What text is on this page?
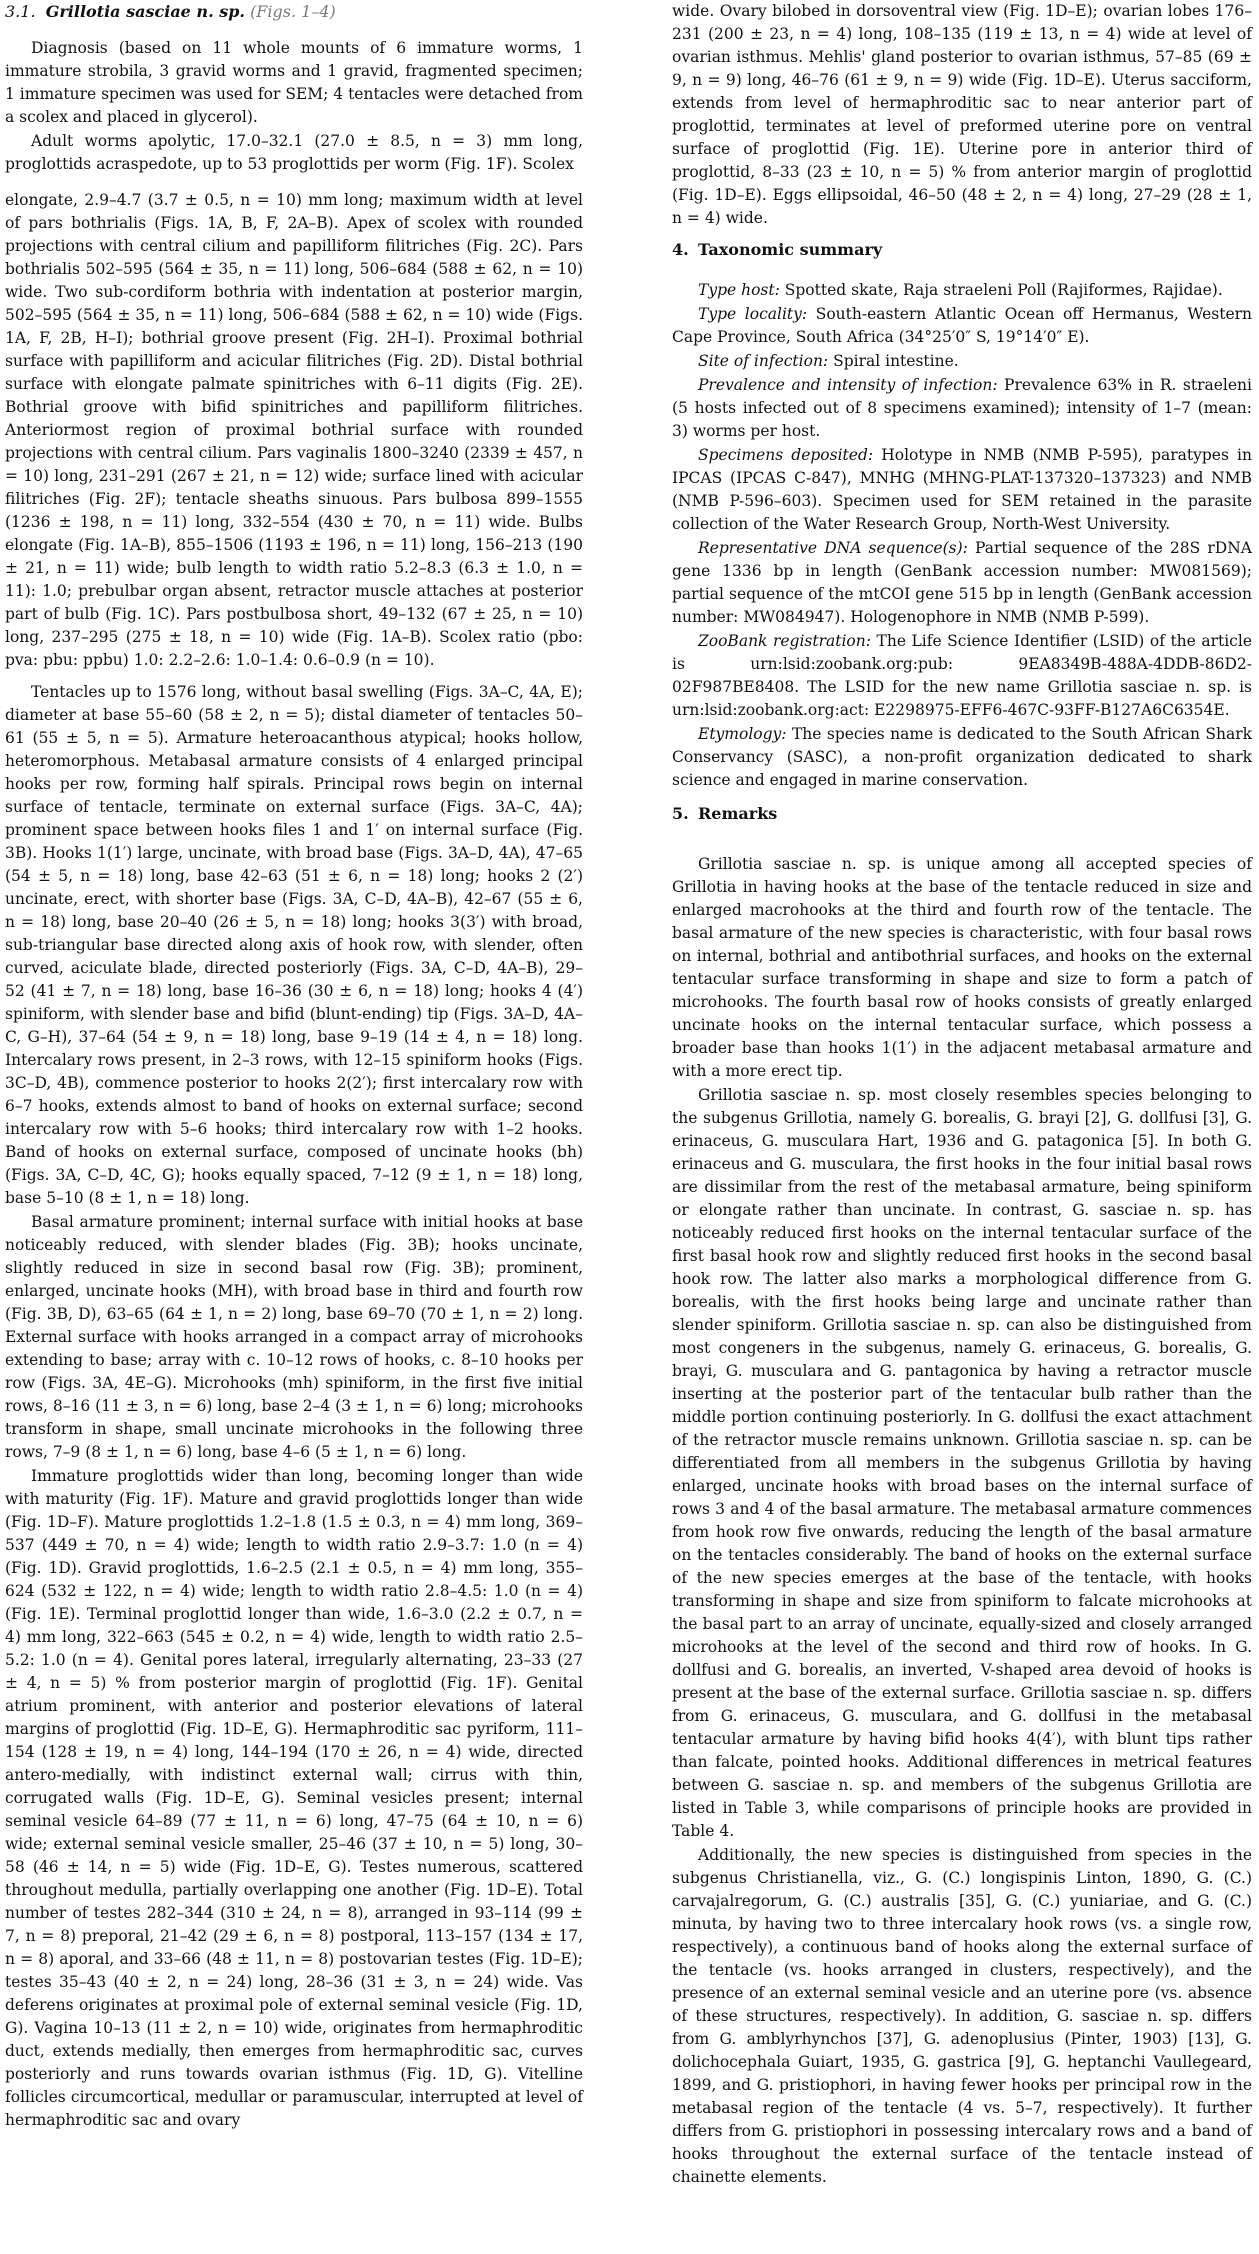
3.1. Grillotia sasciae n. sp. (Figs. 1–4)

Diagnosis (based on 11 whole mounts of 6 immature worms, 1 immature strobila, 3 gravid worms and 1 gravid, fragmented specimen; 1 immature specimen was used for SEM; 4 tentacles were detached from a scolex and placed in glycerol).

Adult worms apolytic, 17.0–32.1 (27.0 ± 8.5, n = 3) mm long, proglottids acraspedote, up to 53 proglottids per worm (Fig. 1F). Scolex

elongate, 2.9–4.7 (3.7 ± 0.5, n = 10) mm long; maximum width at level of pars bothrialis (Figs. 1A, B, F, 2A–B). Apex of scolex with rounded projections with central cilium and papilliform filitriches (Fig. 2C). Pars bothrialis 502–595 (564 ± 35, n = 11) long, 506–684 (588 ± 62, n = 10) wide. Two sub-cordiform bothria with indentation at posterior margin, 502–595 (564 ± 35, n = 11) long, 506–684 (588 ± 62, n = 10) wide (Figs. 1A, F, 2B, H–I); bothrial groove present (Fig. 2H–I). Proximal bothrial surface with papilliform and acicular filitriches (Fig. 2D). Distal bothrial surface with elongate palmate spinitriches with 6–11 digits (Fig. 2E). Bothrial groove with bifid spinitriches and papilliform filitriches. Anteriormost region of proximal bothrial surface with rounded projections with central cilium. Pars vaginalis 1800–3240 (2339 ± 457, n = 10) long, 231–291 (267 ± 21, n = 12) wide; surface lined with acicular filitriches (Fig. 2F); tentacle sheaths sinuous. Pars bulbosa 899–1555 (1236 ± 198, n = 11) long, 332–554 (430 ± 70, n = 11) wide. Bulbs elongate (Fig. 1A–B), 855–1506 (1193 ± 196, n = 11) long, 156–213 (190 ± 21, n = 11) wide; bulb length to width ratio 5.2–8.3 (6.3 ± 1.0, n = 11): 1.0; prebulbar organ absent, retractor muscle attaches at posterior part of bulb (Fig. 1C). Pars postbulbosa short, 49–132 (67 ± 25, n = 10) long, 237–295 (275 ± 18, n = 10) wide (Fig. 1A–B). Scolex ratio (pbo: pva: pbu: ppbu) 1.0: 2.2–2.6: 1.0–1.4: 0.6–0.9 (n = 10).

Tentacles up to 1576 long, without basal swelling (Figs. 3A–C, 4A, E); diameter at base 55–60 (58 ± 2, n = 5); distal diameter of tentacles 50–61 (55 ± 5, n = 5). Armature heteroacanthous atypical; hooks hollow, heteromorphous. Metabasal armature consists of 4 enlarged principal hooks per row, forming half spirals. Principal rows begin on internal surface of tentacle, terminate on external surface (Figs. 3A–C, 4A); prominent space between hooks files 1 and 1′ on internal surface (Fig. 3B). Hooks 1(1′) large, uncinate, with broad base (Figs. 3A–D, 4A), 47–65 (54 ± 5, n = 18) long, base 42–63 (51 ± 6, n = 18) long; hooks 2 (2′) uncinate, erect, with shorter base (Figs. 3A, C–D, 4A–B), 42–67 (55 ± 6, n = 18) long, base 20–40 (26 ± 5, n = 18) long; hooks 3(3′) with broad, sub-triangular base directed along axis of hook row, with slender, often curved, aciculate blade, directed posteriorly (Figs. 3A, C–D, 4A–B), 29–52 (41 ± 7, n = 18) long, base 16–36 (30 ± 6, n = 18) long; hooks 4 (4′) spiniform, with slender base and bifid (blunt-ending) tip (Figs. 3A–D, 4A–C, G–H), 37–64 (54 ± 9, n = 18) long, base 9–19 (14 ± 4, n = 18) long. Intercalary rows present, in 2–3 rows, with 12–15 spiniform hooks (Figs. 3C–D, 4B), commence posterior to hooks 2(2′); first intercalary row with 6–7 hooks, extends almost to band of hooks on external surface; second intercalary row with 5–6 hooks; third intercalary row with 1–2 hooks. Band of hooks on external surface, composed of uncinate hooks (bh) (Figs. 3A, C–D, 4C, G); hooks equally spaced, 7–12 (9 ± 1, n = 18) long, base 5–10 (8 ± 1, n = 18) long.

Basal armature prominent; internal surface with initial hooks at base noticeably reduced, with slender blades (Fig. 3B); hooks uncinate, slightly reduced in size in second basal row (Fig. 3B); prominent, enlarged, uncinate hooks (MH), with broad base in third and fourth row (Fig. 3B, D), 63–65 (64 ± 1, n = 2) long, base 69–70 (70 ± 1, n = 2) long. External surface with hooks arranged in a compact array of microhooks extending to base; array with c. 10–12 rows of hooks, c. 8–10 hooks per row (Figs. 3A, 4E–G). Microhooks (mh) spiniform, in the first five initial rows, 8–16 (11 ± 3, n = 6) long, base 2–4 (3 ± 1, n = 6) long; microhooks transform in shape, small uncinate microhooks in the following three rows, 7–9 (8 ± 1, n = 6) long, base 4–6 (5 ± 1, n = 6) long.

Immature proglottids wider than long, becoming longer than wide with maturity (Fig. 1F). Mature and gravid proglottids longer than wide (Fig. 1D–F). Mature proglottids 1.2–1.8 (1.5 ± 0.3, n = 4) mm long, 369–537 (449 ± 70, n = 4) wide; length to width ratio 2.9–3.7: 1.0 (n = 4) (Fig. 1D). Gravid proglottids, 1.6–2.5 (2.1 ± 0.5, n = 4) mm long, 355–624 (532 ± 122, n = 4) wide; length to width ratio 2.8–4.5: 1.0 (n = 4) (Fig. 1E). Terminal proglottid longer than wide, 1.6–3.0 (2.2 ± 0.7, n = 4) mm long, 322–663 (545 ± 0.2, n = 4) wide, length to width ratio 2.5–5.2: 1.0 (n = 4). Genital pores lateral, irregularly alternating, 23–33 (27 ± 4, n = 5) % from posterior margin of proglottid (Fig. 1F). Genital atrium prominent, with anterior and posterior elevations of lateral margins of proglottid (Fig. 1D–E, G). Hermaphroditic sac pyriform, 111–154 (128 ± 19, n = 4) long, 144–194 (170 ± 26, n = 4) wide, directed antero-medially, with indistinct external wall; cirrus with thin, corrugated walls (Fig. 1D–E, G). Seminal vesicles present; internal seminal vesicle 64–89 (77 ± 11, n = 6) long, 47–75 (64 ± 10, n = 6) wide; external seminal vesicle smaller, 25–46 (37 ± 10, n = 5) long, 30–58 (46 ± 14, n = 5) wide (Fig. 1D–E, G). Testes numerous, scattered throughout medulla, partially overlapping one another (Fig. 1D–E). Total number of testes 282–344 (310 ± 24, n = 8), arranged in 93–114 (99 ± 7, n = 8) preporal, 21–42 (29 ± 6, n = 8) postporal, 113–157 (134 ± 17, n = 8) aporal, and 33–66 (48 ± 11, n = 8) postovarian testes (Fig. 1D–E); testes 35–43 (40 ± 2, n = 24) long, 28–36 (31 ± 3, n = 24) wide. Vas deferens originates at proximal pole of external seminal vesicle (Fig. 1D, G). Vagina 10–13 (11 ± 2, n = 10) wide, originates from hermaphroditic duct, extends medially, then emerges from hermaphroditic sac, curves posteriorly and runs towards ovarian isthmus (Fig. 1D, G). Vitelline follicles circumcortical, medullar or paramuscular, interrupted at level of hermaphroditic sac and ovary

wide. Ovary bilobed in dorsoventral view (Fig. 1D–E); ovarian lobes 176–231 (200 ± 23, n = 4) long, 108–135 (119 ± 13, n = 4) wide at level of ovarian isthmus. Mehlis' gland posterior to ovarian isthmus, 57–85 (69 ± 9, n = 9) long, 46–76 (61 ± 9, n = 9) wide (Fig. 1D–E). Uterus sacciform, extends from level of hermaphroditic sac to near anterior part of proglottid, terminates at level of preformed uterine pore on ventral surface of proglottid (Fig. 1E). Uterine pore in anterior third of proglottid, 8–33 (23 ± 10, n = 5) % from anterior margin of proglottid (Fig. 1D–E). Eggs ellipsoidal, 46–50 (48 ± 2, n = 4) long, 27–29 (28 ± 1, n = 4) wide.

4. Taxonomic summary

Type host: Spotted skate, Raja straeleni Poll (Rajiformes, Rajidae).

Type locality: South-eastern Atlantic Ocean off Hermanus, Western Cape Province, South Africa (34°25′0″ S, 19°14′0″ E).

Site of infection: Spiral intestine.

Prevalence and intensity of infection: Prevalence 63% in R. straeleni (5 hosts infected out of 8 specimens examined); intensity of 1–7 (mean: 3) worms per host.

Specimens deposited: Holotype in NMB (NMB P-595), paratypes in IPCAS (IPCAS C-847), MNHG (MHNG-PLAT-137320–137323) and NMB (NMB P-596–603). Specimen used for SEM retained in the parasite collection of the Water Research Group, North-West University.

Representative DNA sequence(s): Partial sequence of the 28S rDNA gene 1336 bp in length (GenBank accession number: MW081569); partial sequence of the mtCOI gene 515 bp in length (GenBank accession number: MW084947). Hologenophore in NMB (NMB P-599).

ZooBank registration: The Life Science Identifier (LSID) of the article is urn:lsid:zoobank.org:pub: 9EA8349B-488A-4DDB-86D2-02F987BE8408. The LSID for the new name Grillotia sasciae n. sp. is urn:lsid:zoobank.org:act: E2298975-EFF6-467C-93FF-B127A6C6354E.

Etymology: The species name is dedicated to the South African Shark Conservancy (SASC), a non-profit organization dedicated to shark science and engaged in marine conservation.

5. Remarks

Grillotia sasciae n. sp. is unique among all accepted species of Grillotia in having hooks at the base of the tentacle reduced in size and enlarged macrohooks at the third and fourth row of the tentacle. The basal armature of the new species is characteristic, with four basal rows on internal, bothrial and antibothrial surfaces, and hooks on the external tentacular surface transforming in shape and size to form a patch of microhooks. The fourth basal row of hooks consists of greatly enlarged uncinate hooks on the internal tentacular surface, which possess a broader base than hooks 1(1′) in the adjacent metabasal armature and with a more erect tip.

Grillotia sasciae n. sp. most closely resembles species belonging to the subgenus Grillotia, namely G. borealis, G. brayi [2], G. dollfusi [3], G. erinaceus, G. musculara Hart, 1936 and G. patagonica [5]. In both G. erinaceus and G. musculara, the first hooks in the four initial basal rows are dissimilar from the rest of the metabasal armature, being spiniform or elongate rather than uncinate. In contrast, G. sasciae n. sp. has noticeably reduced first hooks on the internal tentacular surface of the first basal hook row and slightly reduced first hooks in the second basal hook row. The latter also marks a morphological difference from G. borealis, with the first hooks being large and uncinate rather than slender spiniform. Grillotia sasciae n. sp. can also be distinguished from most congeners in the subgenus, namely G. erinaceus, G. borealis, G. brayi, G. musculara and G. pantagonica by having a retractor muscle inserting at the posterior part of the tentacular bulb rather than the middle portion continuing posteriorly. In G. dollfusi the exact attachment of the retractor muscle remains unknown. Grillotia sasciae n. sp. can be differentiated from all members in the subgenus Grillotia by having enlarged, uncinate hooks with broad bases on the internal surface of rows 3 and 4 of the basal armature. The metabasal armature commences from hook row five onwards, reducing the length of the basal armature on the tentacles considerably. The band of hooks on the external surface of the new species emerges at the base of the tentacle, with hooks transforming in shape and size from spiniform to falcate microhooks at the basal part to an array of uncinate, equally-sized and closely arranged microhooks at the level of the second and third row of hooks. In G. dollfusi and G. borealis, an inverted, V-shaped area devoid of hooks is present at the base of the external surface. Grillotia sasciae n. sp. differs from G. erinaceus, G. musculara, and G. dollfusi in the metabasal tentacular armature by having bifid hooks 4(4′), with blunt tips rather than falcate, pointed hooks. Additional differences in metrical features between G. sasciae n. sp. and members of the subgenus Grillotia are listed in Table 3, while comparisons of principle hooks are provided in Table 4.

Additionally, the new species is distinguished from species in the subgenus Christianella, viz., G. (C.) longispinis Linton, 1890, G. (C.) carvajalregorum, G. (C.) australis [35], G. (C.) yuniariae, and G. (C.) minuta, by having two to three intercalary hook rows (vs. a single row, respectively), a continuous band of hooks along the external surface of the tentacle (vs. hooks arranged in clusters, respectively), and the presence of an external seminal vesicle and an uterine pore (vs. absence of these structures, respectively). In addition, G. sasciae n. sp. differs from G. amblyrhynchos [37], G. adenoplusius (Pinter, 1903) [13], G. dolichocephala Guiart, 1935, G. gastrica [9], G. heptanchi Vaullegeard, 1899, and G. pristiophori, in having fewer hooks per principal row in the metabasal region of the tentacle (4 vs. 5–7, respectively). It further differs from G. pristiophori in possessing intercalary rows and a band of hooks throughout the external surface of the tentacle instead of chainette elements.
